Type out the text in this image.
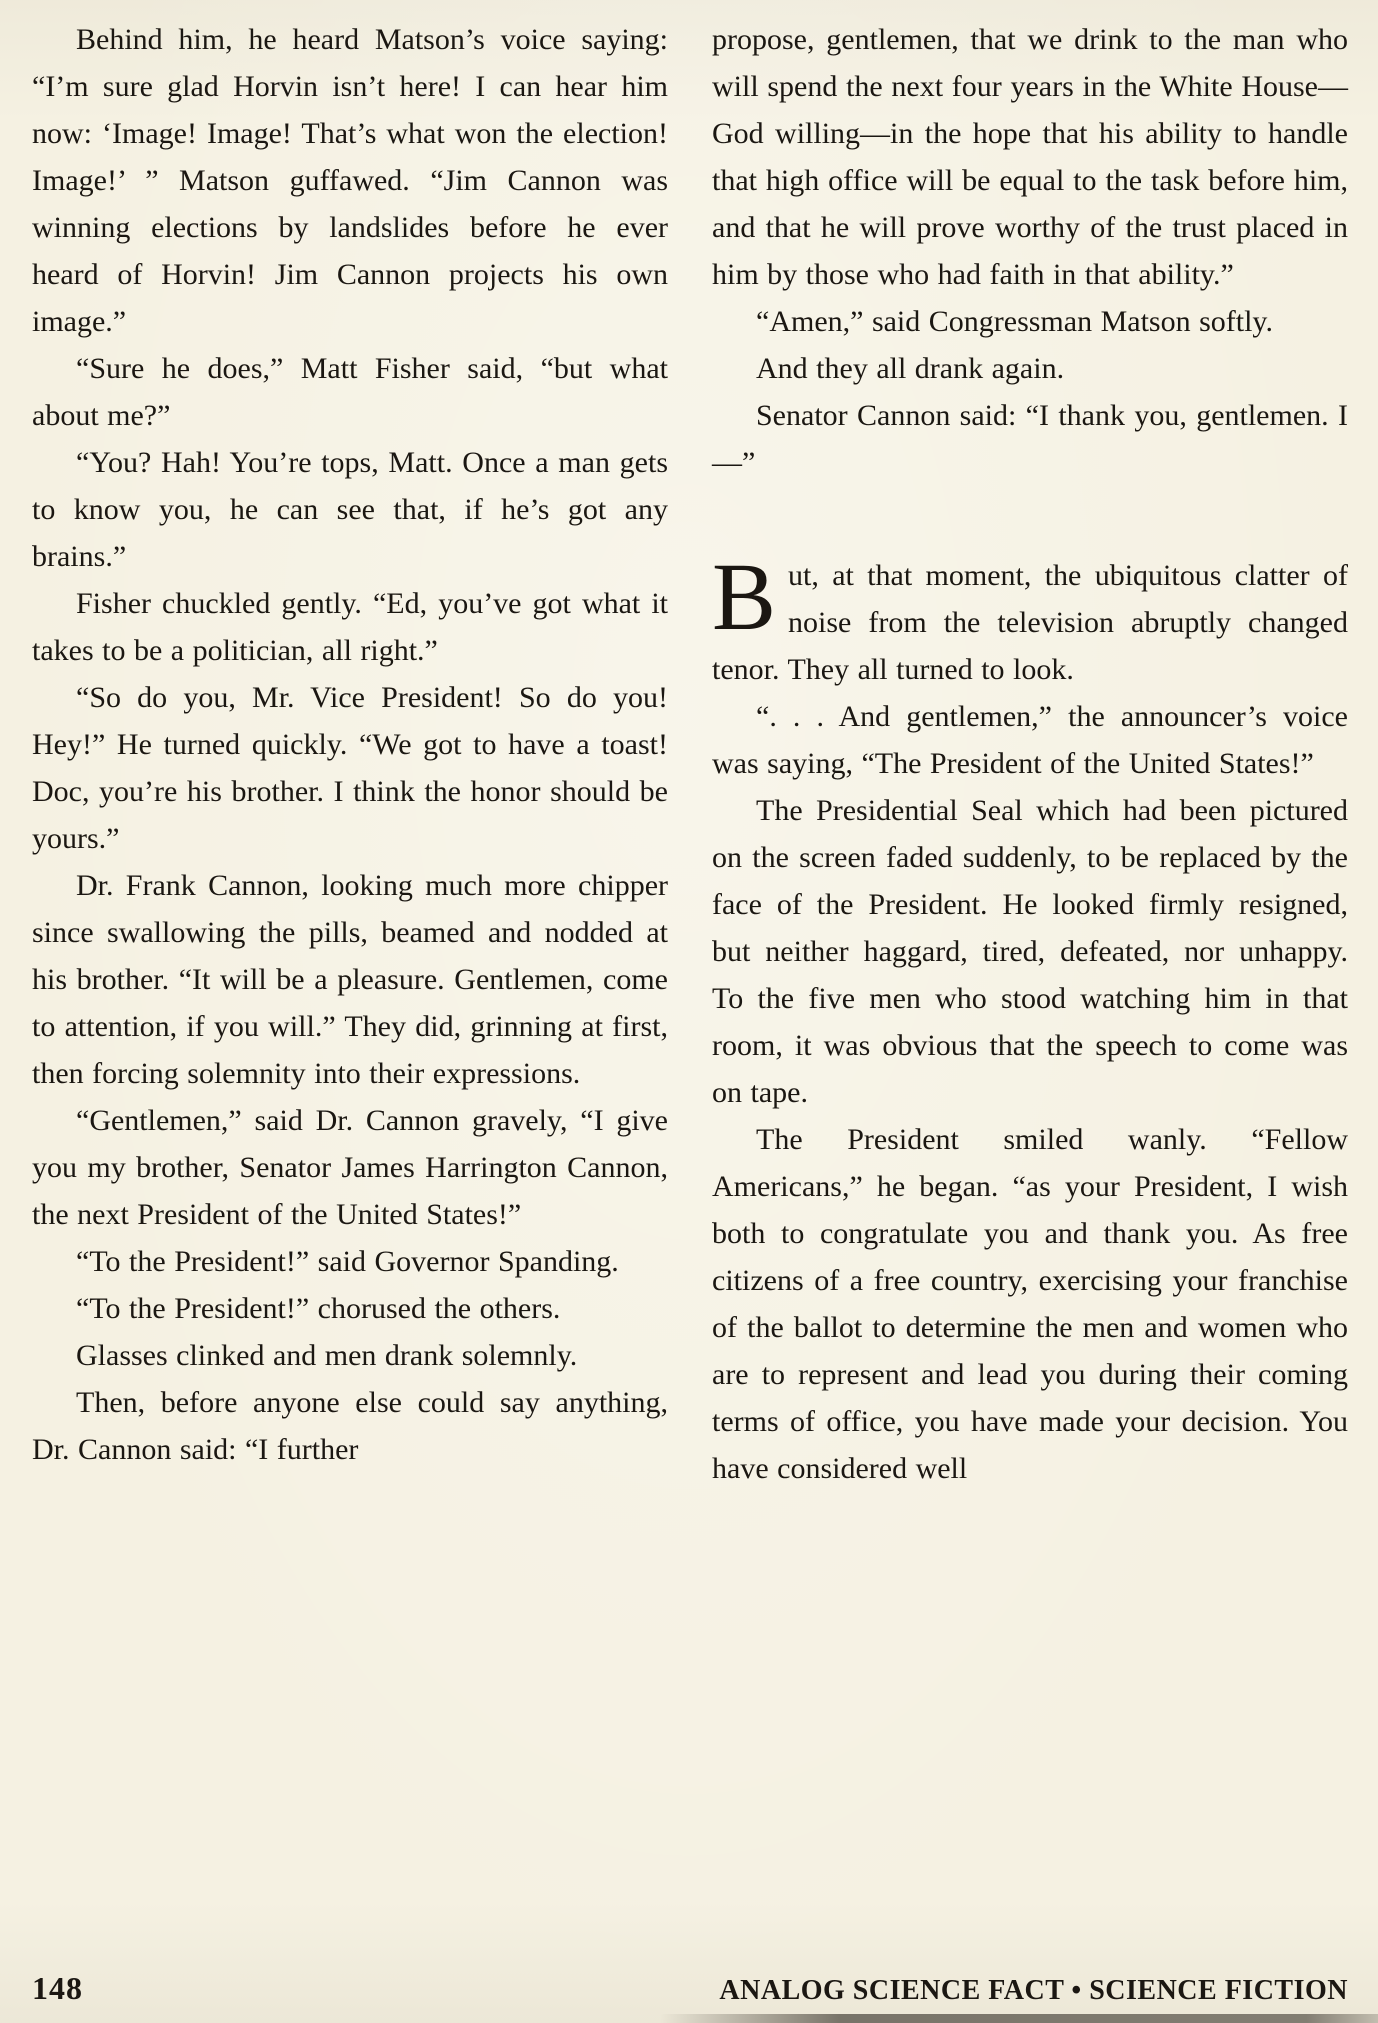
Behind him, he heard Matson’s voice saying: “I’m sure glad Horvin isn’t here! I can hear him now: ‘Image! Image! That’s what won the election! Image!’ ” Matson guffawed. “Jim Cannon was winning elections by landslides before he ever heard of Horvin! Jim Cannon projects his own image.”

“Sure he does,” Matt Fisher said, “but what about me?”

“You? Hah! You’re tops, Matt. Once a man gets to know you, he can see that, if he’s got any brains.”

Fisher chuckled gently. “Ed, you’ve got what it takes to be a politician, all right.”

“So do you, Mr. Vice President! So do you! Hey!” He turned quickly. “We got to have a toast! Doc, you’re his brother. I think the honor should be yours.”

Dr. Frank Cannon, looking much more chipper since swallowing the pills, beamed and nodded at his brother. “It will be a pleasure. Gentlemen, come to attention, if you will.” They did, grinning at first, then forcing solemnity into their expressions.

“Gentlemen,” said Dr. Cannon gravely, “I give you my brother, Senator James Harrington Cannon, the next President of the United States!”

“To the President!” said Governor Spanding.

“To the President!” chorused the others.

Glasses clinked and men drank solemnly.

Then, before anyone else could say anything, Dr. Cannon said: “I further

propose, gentlemen, that we drink to the man who will spend the next four years in the White House—God willing—in the hope that his ability to handle that high office will be equal to the task before him, and that he will prove worthy of the trust placed in him by those who had faith in that ability.”

“Amen,” said Congressman Matson softly.

And they all drank again.

Senator Cannon said: “I thank you, gentlemen. I—”

But, at that moment, the ubiquitous clatter of noise from the television abruptly changed tenor. They all turned to look.

“. . . And gentlemen,” the announcer’s voice was saying, “The President of the United States!”

The Presidential Seal which had been pictured on the screen faded suddenly, to be replaced by the face of the President. He looked firmly resigned, but neither haggard, tired, defeated, nor unhappy. To the five men who stood watching him in that room, it was obvious that the speech to come was on tape.

The President smiled wanly. “Fellow Americans,” he began. “as your President, I wish both to congratulate you and thank you. As free citizens of a free country, exercising your franchise of the ballot to determine the men and women who are to represent and lead you during their coming terms of office, you have made your decision. You have considered well

148	ANALOG SCIENCE FACT • SCIENCE FICTION
